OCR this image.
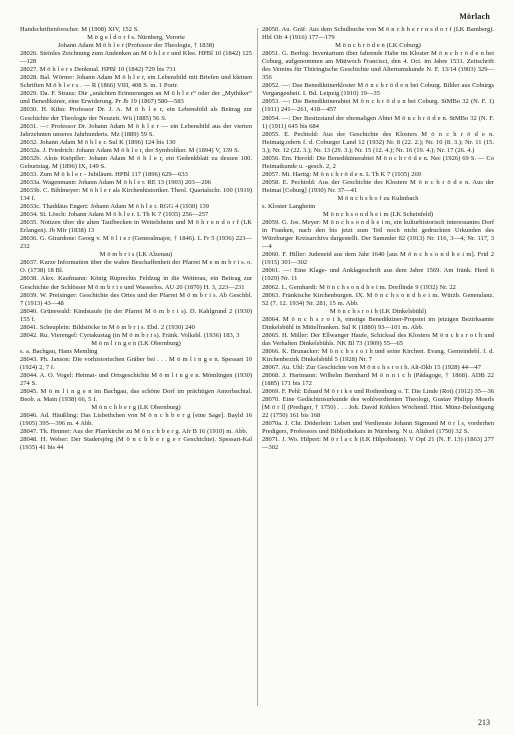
Mörlach
Handschriftenforscher. M (1908) XIV, 152 S.
M ö g e l d o r f s. Nürnberg, Vororte
Johann Adam M ö h l e r (Professor der Theologie, † 1838)
28026. Steinles Zeichnung zum Andenken an M ö h l e r und Klee. HPBl 10 (1842) 125—128
28027. M ö h l e r s Denkmal. HPBl 10 (1842) 729 bis 731
28028. Bal. Wörner: Johann Adam M ö h l e r, ein Lebensbild mit Briefen und kleinen Schriften M ö h l e r s . — R (1866) VIII, 408 S. m. 1 Portr.
28029. Da. F. Straus: Die „unächten Erinnerungen an M ö h l e r“ oder der „Mythiker“ und Benediktiner, eine Erwiderung. Pr Jb 19 (1867) 580—583
28030. H. Kihn: Professor Dr. J. A. M ö h l e r, ein Lebensbild als Beitrag zur Geschichte der Theologie der Neuzeit. Wü (1885) 56 S.
28031. —: Professor Dr. Johann Adam M ö h l e r — ein Lebensbild aus der vierten Jahrzehnten unseres Jahrhunderts. Mz (1889) 59 S.
28032. Johann Adam M ö h l e r. Sul K (1896) 124 bis 130
28032a. J. Friedrich: Johann Adam M ö h l e r, der Symboliker. M (1894) V, 139 S.
28032b. Alois Knöpfler: Johann Adam M ö h l e r, ein Gedenkblatt zu dessen 100. Geburtstag. M (1896) IX, 149 S.
28033. Zum M ö h l e r - Jubiläum. HPBl 117 (1896) 629—633
28033a. Wagenmann: Johann Adam M ö h l e r. RE 13 (1903) 203—206
28033b. C. Bihlmeyer: M ö h l e r als Kirchenhistoriker. Theol. Quartalschr. 100 (1919) 134 f.
28033c. Thaddäus Engert: Johann Adam M ö h l e r. RGG 4 (1930) 139
28034. St. Lösch: Johann Adam M ö h l e r. L Th K 7 (1935) 256—257
28035. Notizen über die alten Taufbecken in Weitelsheim und M ö h r e n d o r f (LK Erlangen). Jb Mfr (1838) 13
28036. G. Girardone: Georg v. M ö l t e r (Generalmajor, † 1846). L Fr 5 (1936) 223—232
M ö m b r i s (LK Alzenau)
28037. Kurze Information über die wahre Beschaffenheit der Pfarrei M e m m b r i s. o. O. (1738) 18 Bl.
28038. Alex. Kaufmann: König Ruprechts Feldzug in die Wetterau, ein Beitrag zur Geschichte der Schlösser M ö m b r i s und Wasserlos. AU 20 (1870) H. 3, 223—231
28039. W. Preisinger: Geschichte des Ortes und der Pfarrei M ö m b r i s. Ab Geschbl. 7 (1913) 43—48
28040. Grünewald: Kindstaufe (in der Pfarrei M ö m b r i s). D. Kahlgrund 2 (1930) 155 f.
28041. Scheuplein: Bildstöcke in M ö m b r i s. Ebd. 2 (1930) 240
28042. Ru. Vierengel: Cyriakustag (in M ö m b r i s). Fränk. Volksbl. (1936) 183, 3
M ö m l i n g e n (LK Obernburg)
s. a. Bachgau, Hans Memling
28043. Ph. Janson: Die vorhistorischen Gräber bei . . . M ö m l i n g e n. Spessart 10 (1924) 2, 7 f.
28044. A. O. Vogel: Heimat- und Ortsgeschichte M ö m l i n g e n. Mömlingen (1930) 274 S.
28045. M ö m l i n g e n im Bachgau, das schöne Dorf im prächtigen Amorbachtal. Beob. a. Main (1938) 66, 5 f.
M ö n c h b e r g (LK Obernburg)
28046. Ad. Häußling: Das Lisbethchen von M ö n c h b e r g [eine Sage]. Bayld 16 (1905) 395—396 m. 4 Abb.
28047. Th. Henner: Aus der Pfarrkirche zu M ö n c h b e r g. Afr B 16 (1910) m. Abb.
28048. H. Weber: Der Stadersjörg (M ö n c h b e r g e r Geschichte). Spessart-Kal (1935) 41 bis 44
28050. Au. Gräf: Aus dem Schulbuche von M ö n c h h e r r n s d o r f (LK Bamberg). Hbl Ofr 4 (1916) 177—179
M ö n c h r ö d e n (LK Coburg)
28051. G. Berbig: Inventarium über fahrende Habe im Kloster M ö n c h r ö d e n bei Coburg, aufgenommen am Mittwoch Francisci, den 4. Oct. im Jahre 1531. Zeitschrift des Vereins für Thüringische Geschichte und Altertumskunde N. F. 13/14 (1903) 329—356
28052. —: Das Benediktinerkloster M ö n c h r ö d e n bei Coburg. Bilder aus Coburgs Vergangenheit. I. Bd. Leipzig (1910) 19—35
28053. —: Die Benediktinerabtei M ö n c h r ö d e n bei Coburg. StMBo 32 (N. F. 1) (1911) 241—261, 418—457
28054. —: Der Besitzstand der ehemaligen Abtei M ö n c h r ö d e n. StMBo 32 (N. F. 1) (1911) 645 bis 684
28055. E. Pechtold: Aus der Geschichte des Klosters M ö n c h r ö d e n. Heimatg.odern f. d. Coburger Land 12 (1932) Nr. 8 (22. 2.); Nr. 10 (8. 3.); Nr. 11 (15. 3.); Nr. 12 (22. 3.); Nr. 13 (29. 3.); Nr. 15 (12. 4.); Nr. 16 (19. 4.); Nr. 17 (26. 4.)
28056. Em. Herold: Die Benediktinerabtei M ö n c h r ö d e n. Nec (1926) 69 S. — Co Heimatkunde u. -gesch. 2, 2
28057. Mi. Hartig: M ö n c h r ö d e n. L Th K 7 (1935) 269
28058. E. Pechtold: Aus der Geschichte des Klosters M ö n c h r ö d e n. Aus der Heimat [Coburg] (1930) Nr. 37—41
M ö n c h s h o f zu Kulmbach
s. Kloster Langheim
M ö n c h s o n d h e i m (LK Scheinfeld)
28059. G. Jos. Meyer: M ö n c h s o n d h e i m, ein kulturhistorisch interessantes Dorf in Franken, nach den bis jetzt zum Teil noch nicht gedruckten Urkunden des Würzburger Kreisarchivs dargestellt. Der Sammler 82 (1913) Nr. 116, 3—4; Nr. 117, 3—4
28060. F. Hiller: Judeneid aus dem Jahr 1640 [aus M ö n c h s o n d h e i m]. Frid 2 (1915) 301—302
28061. —: Eine Klage- und Anklageschrift aus dem Jahre 1569. Am fränk. Herd 6 (1929) Nr. 11
28062. L. Gernhardt: M ö n c h s o n d h e i m. Dorflinde 9 (1932) Nr. 22
28063. Fränkische Kirchenburgen. IX. M ö n c h s o n d h e i m. Würzb. Generalanz. 52 (7. 12. 1934) Nr. 281, 15 m. Abb.
M ö n c h s r o t h (LK Dinkelsbühl)
28064. M ö n c h s r o t h, einstige Benediktiner-Propstei im jetzigen Bezirksamte Dinkelsbühl in Mittelfranken. Sul K (1880) 93—101 m. Abb.
28065. H. Miller: Der Ellwanger Haufe, Schicksal des Klosters M ö n c h s r o t h und das Verhalten Dinkelsbühls. NK Bl 73 (1909) 55—65
28066. K. Brunacker: M ö n c h s r o t h und seine Kirchen. Evang. Gemeindebl. f. d. Kirchenbezirk Dinkelsbühl 5 (1928) Nr. 7
28067. Au. Uhl: Zur Geschichte von M ö n c h s r o t h. Alt-Dkb 15 (1928) 44—47
28068. J. Hartmann: Wilhelm Bernhard M ö n n i c h (Pädagoge, † 1868). ADB 22 (1885) 171 bis 172
28069. F. Pehl: Eduard M ö r i k e und Rothenburg o. T. Die Linde (Rot) (1912) 35—36
28070. Eine Gedächtnisurkunde des wohlverdienten Theologi, Gustav Philipp Moerls [M ö r l] (Prediger, † 1750) . . . Joh. David Köhlers Wöchentl. Hist. Münz-Belustigung 22 (1750) 161 bis 168
28070a. J. Chr. Döderlein: Leben und Verdienste Johann Sigmund M ö r l s, vorderhen Predigers, Professors und Bibliothekars in Nürnberg. N u. Altdorf (1750) 32 S.
28071. J. Wo. Hilpert: M ö r l a c h (LK Hilpoltstein). V Opf 21 (N. F. 13) (1863) 277—302
213
